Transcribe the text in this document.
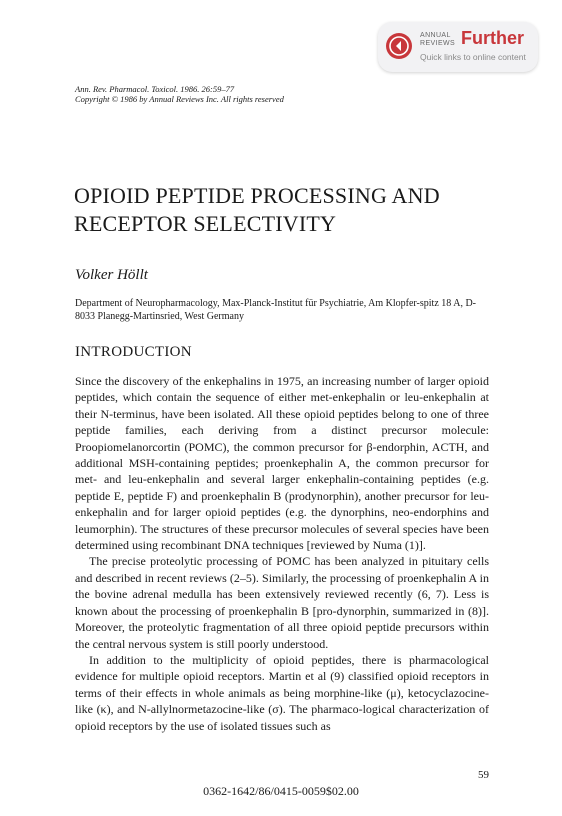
ANNUAL
REVIEWS Further
Quick links to online content
Ann. Rev. Pharmacol. Toxicol. 1986. 26:59–77
Copyright © 1986 by Annual Reviews Inc. All rights reserved
OPIOID PEPTIDE PROCESSING AND RECEPTOR SELECTIVITY
Volker Höllt
Department of Neuropharmacology, Max-Planck-Institut für Psychiatrie, Am Klopfer-spitz 18 A, D- 8033 Planegg-Martinsried, West Germany
INTRODUCTION

Since the discovery of the enkephalins in 1975, an increasing number of larger opioid peptides, which contain the sequence of either met-enkephalin or leu-enkephalin at their N-terminus, have been isolated. All these opioid peptides belong to one of three peptide families, each deriving from a distinct precursor molecule: Proopiomelanorcortin (POMC), the common precursor for β-endorphin, ACTH, and additional MSH-containing peptides; proenkephalin A, the common precursor for met- and leu-enkephalin and several larger enkephalin-containing peptides (e.g. peptide E, peptide F) and proenkephalin B (prodynorphin), another precursor for leu-enkephalin and for larger opioid peptides (e.g. the dynorphins, neo-endorphins and leumorphin). The structures of these precursor molecules of several species have been determined using recombinant DNA techniques [reviewed by Numa (1)].

The precise proteolytic processing of POMC has been analyzed in pituitary cells and described in recent reviews (2–5). Similarly, the processing of proenkephalin A in the bovine adrenal medulla has been extensively reviewed recently (6, 7). Less is known about the processing of proenkephalin B [pro-dynorphin, summarized in (8)]. Moreover, the proteolytic fragmentation of all three opioid peptide precursors within the central nervous system is still poorly understood.

In addition to the multiplicity of opioid peptides, there is pharmacological evidence for multiple opioid receptors. Martin et al (9) classified opioid receptors in terms of their effects in whole animals as being morphine-like (μ), ketocyclazocine-like (κ), and N-allylnormetazocine-like (σ). The pharmaco-logical characterization of opioid receptors by the use of isolated tissues such as

59
0362-1642/86/0415-0059$02.00
